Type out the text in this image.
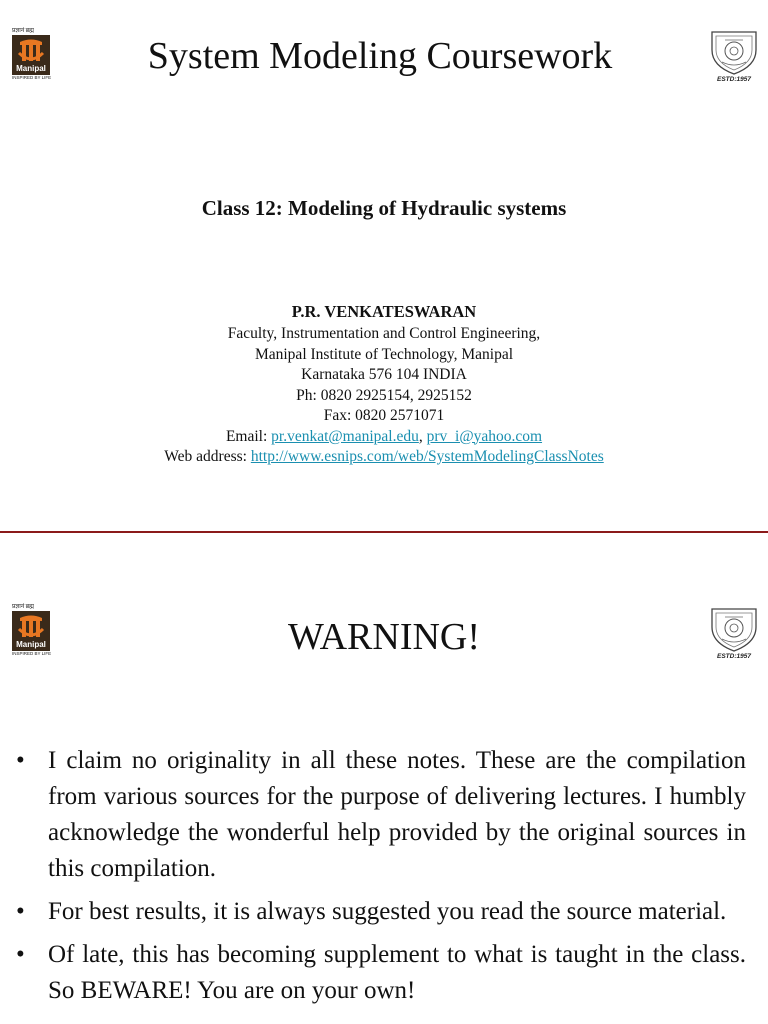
प्रज्ञानं ब्रह्म
Manipal
INSPIRED BY LIFE
System Modeling Coursework
ESTD:1957
Class 12: Modeling of Hydraulic systems
P.R. VENKATESWARAN
Faculty, Instrumentation and Control Engineering,
Manipal Institute of Technology, Manipal
Karnataka 576 104 INDIA
Ph: 0820 2925154, 2925152
Fax: 0820 2571071
Email: pr.venkat@manipal.edu, prv_i@yahoo.com
Web address: http://www.esnips.com/web/SystemModelingClassNotes
प्रज्ञानं ब्रह्म
Manipal
INSPIRED BY LIFE	WARNING!	ESTD:1957
• I claim no originality in all these notes. These are the compilation from various sources for the purpose of delivering lectures. I humbly acknowledge the wonderful help provided by the original sources in this compilation.
• For best results, it is always suggested you read the source material.
• Of late, this has becoming supplement to what is taught in the class. So BEWARE! You are on your own!
